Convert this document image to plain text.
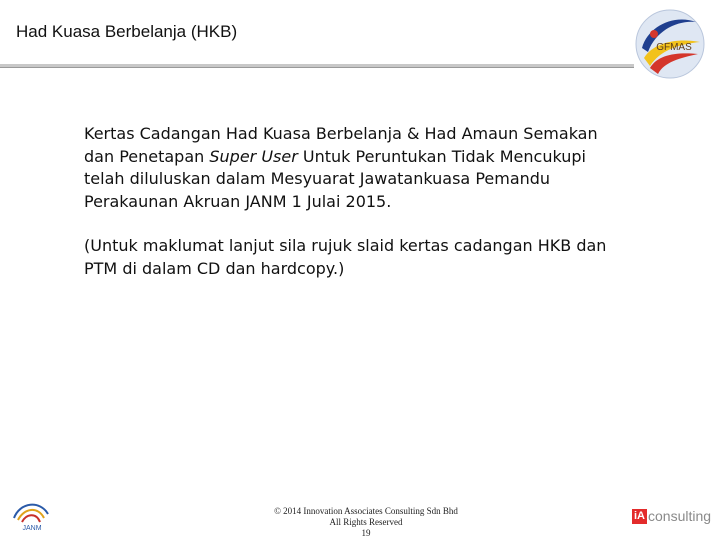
Had Kuasa Berbelanja (HKB)
GFMAS

Kertas Cadangan Had Kuasa Berbelanja & Had Amaun Semakan dan Penetapan Super User Untuk Peruntukan Tidak Mencukupi telah diluluskan dalam Mesyuarat Jawatankuasa Pemandu Perakaunan Akruan JANM 1 Julai 2015.

(Untuk maklumat lanjut sila rujuk slaid kertas cadangan HKB dan PTM di dalam CD dan hardcopy.)

JANM
© 2014 Innovation Associates Consulting Sdn Bhd
All Rights Reserved
19
iA consulting
